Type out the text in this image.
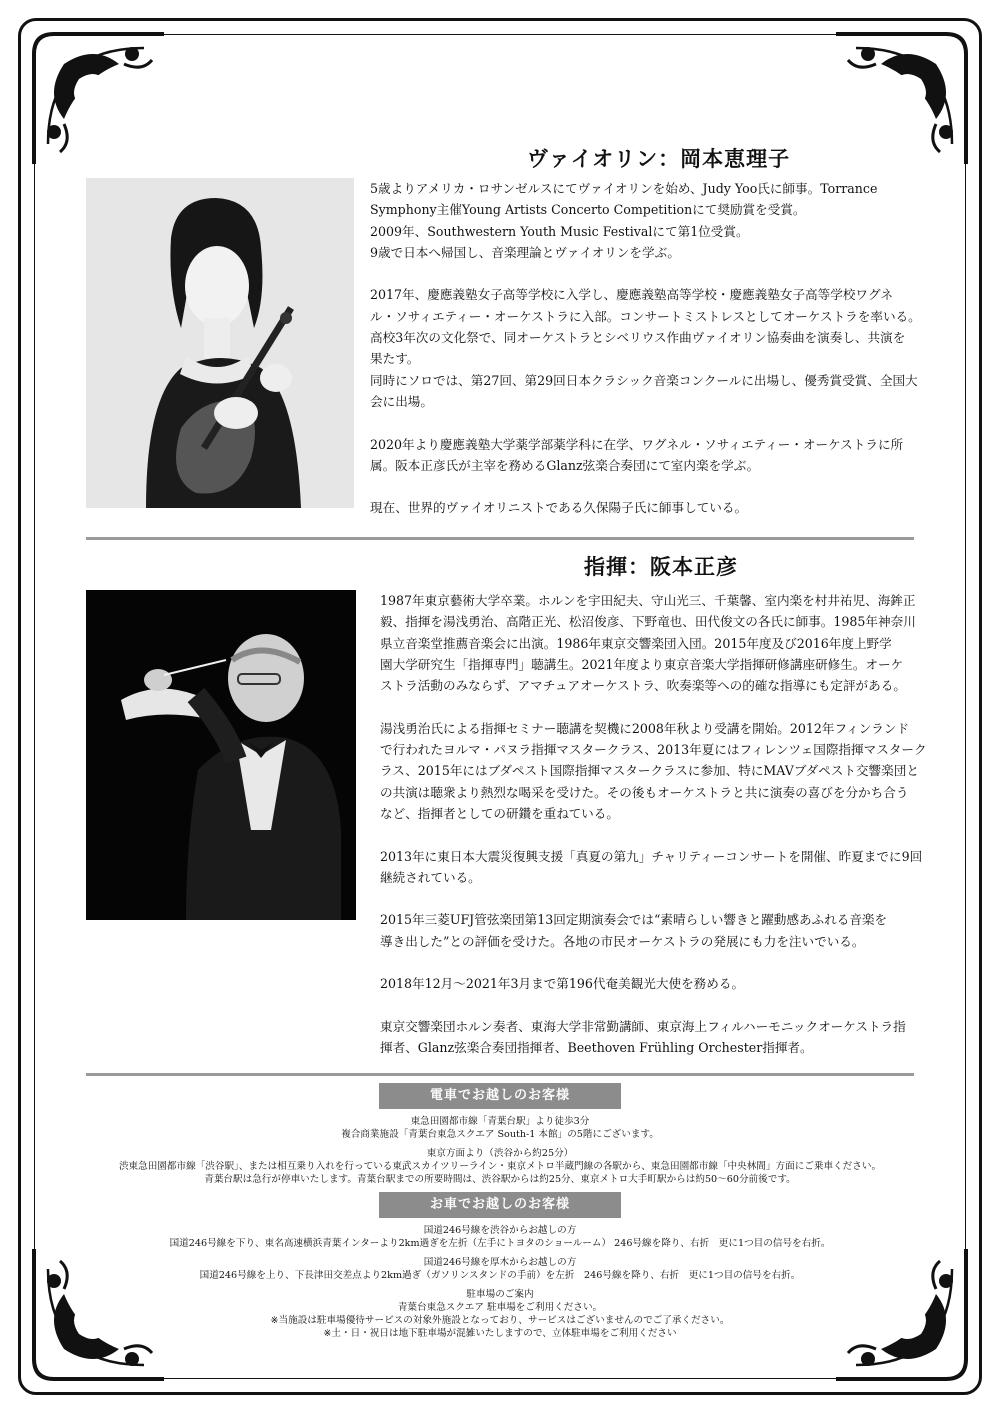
ヴァイオリン：岡本恵理子

5歳よりアメリカ・ロサンゼルスにてヴァイオリンを始め、Judy Yoo氏に師事。Torrance
Symphony主催Young Artists Concerto Competitionにて奨励賞を受賞。
2009年、Southwestern Youth Music Festivalにて第1位受賞。
9歳で日本へ帰国し、音楽理論とヴァイオリンを学ぶ。

2017年、慶應義塾女子高等学校に入学し、慶應義塾高等学校・慶應義塾女子高等学校ワグネ
ル・ソサィエティー・オーケストラに入部。コンサートミストレスとしてオーケストラを率いる。
高校3年次の文化祭で、同オーケストラとシベリウス作曲ヴァイオリン協奏曲を演奏し、共演を
果たす。
同時にソロでは、第27回、第29回日本クラシック音楽コンクールに出場し、優秀賞受賞、全国大
会に出場。

2020年より慶應義塾大学薬学部薬学科に在学、ワグネル・ソサィエティー・オーケストラに所
属。阪本正彦氏が主宰を務めるGlanz弦楽合奏団にて室内楽を学ぶ。

現在、世界的ヴァイオリニストである久保陽子氏に師事している。

指揮：阪本正彦

1987年東京藝術大学卒業。ホルンを宇田紀夫、守山光三、千葉馨、室内楽を村井祐児、海鉾正
毅、指揮を湯浅勇治、高階正光、松沼俊彦、下野竜也、田代俊文の各氏に師事。1985年神奈川
県立音楽堂推薦音楽会に出演。1986年東京交響楽団入団。2015年度及び2016年度上野学
園大学研究生「指揮専門」聴講生。2021年度より東京音楽大学指揮研修講座研修生。オーケ
ストラ活動のみならず、アマチュアオーケストラ、吹奏楽等への的確な指導にも定評がある。

湯浅勇治氏による指揮セミナー聴講を契機に2008年秋より受講を開始。2012年フィンランド
で行われたヨルマ・パヌラ指揮マスタークラス、2013年夏にはフィレンツェ国際指揮マスターク
ラス、2015年にはブダペスト国際指揮マスタークラスに参加、特にMAVブダペスト交響楽団と
の共演は聴衆より熱烈な喝采を受けた。その後もオーケストラと共に演奏の喜びを分かち合う
など、指揮者としての研鑽を重ねている。

2013年に東日本大震災復興支援「真夏の第九」チャリティーコンサートを開催、昨夏までに9回
継続されている。

2015年三菱UFJ管弦楽団第13回定期演奏会では“素晴らしい響きと躍動感あふれる音楽を
導き出した”との評価を受けた。各地の市民オーケストラの発展にも力を注いでいる。

2018年12月～2021年3月まで第196代奄美観光大使を務める。

東京交響楽団ホルン奏者、東海大学非常勤講師、東京海上フィルハーモニックオーケストラ指
揮者、Glanz弦楽合奏団指揮者、Beethoven Frühling Orchester指揮者。

電車でお越しのお客様
東急田園都市線「青葉台駅」より徒歩3分
複合商業施設「青葉台東急スクエア South-1 本館」の5階にございます。
東京方面より（渋谷から約25分）
渋東急田園都市線「渋谷駅」、または相互乗り入れを行っている東武スカイツリーライン・東京メトロ半蔵門線の各駅から、東急田園都市線「中央林間」方面にご乗車ください。
青葉台駅は急行が停車いたします。青葉台駅までの所要時間は、渋谷駅からは約25分、東京メトロ大手町駅からは約50～60分前後です。
お車でお越しのお客様
国道246号線を渋谷からお越しの方
国道246号線を下り、東名高速横浜青葉インターより2km過ぎを左折（左手にトヨタのショールーム） 246号線を降り、右折　更に1つ目の信号を右折。
国道246号線を厚木からお越しの方
国道246号線を上り、下長津田交差点より2km過ぎ（ガソリンスタンドの手前）を左折　246号線を降り、右折　更に1つ目の信号を右折。
駐車場のご案内
青葉台東急スクエア 駐車場をご利用ください。
※当施設は駐車場優待サービスの対象外施設となっており、サービスはございませんのでご了承ください。
※土・日・祝日は地下駐車場が混雑いたしますので、立体駐車場をご利用ください
